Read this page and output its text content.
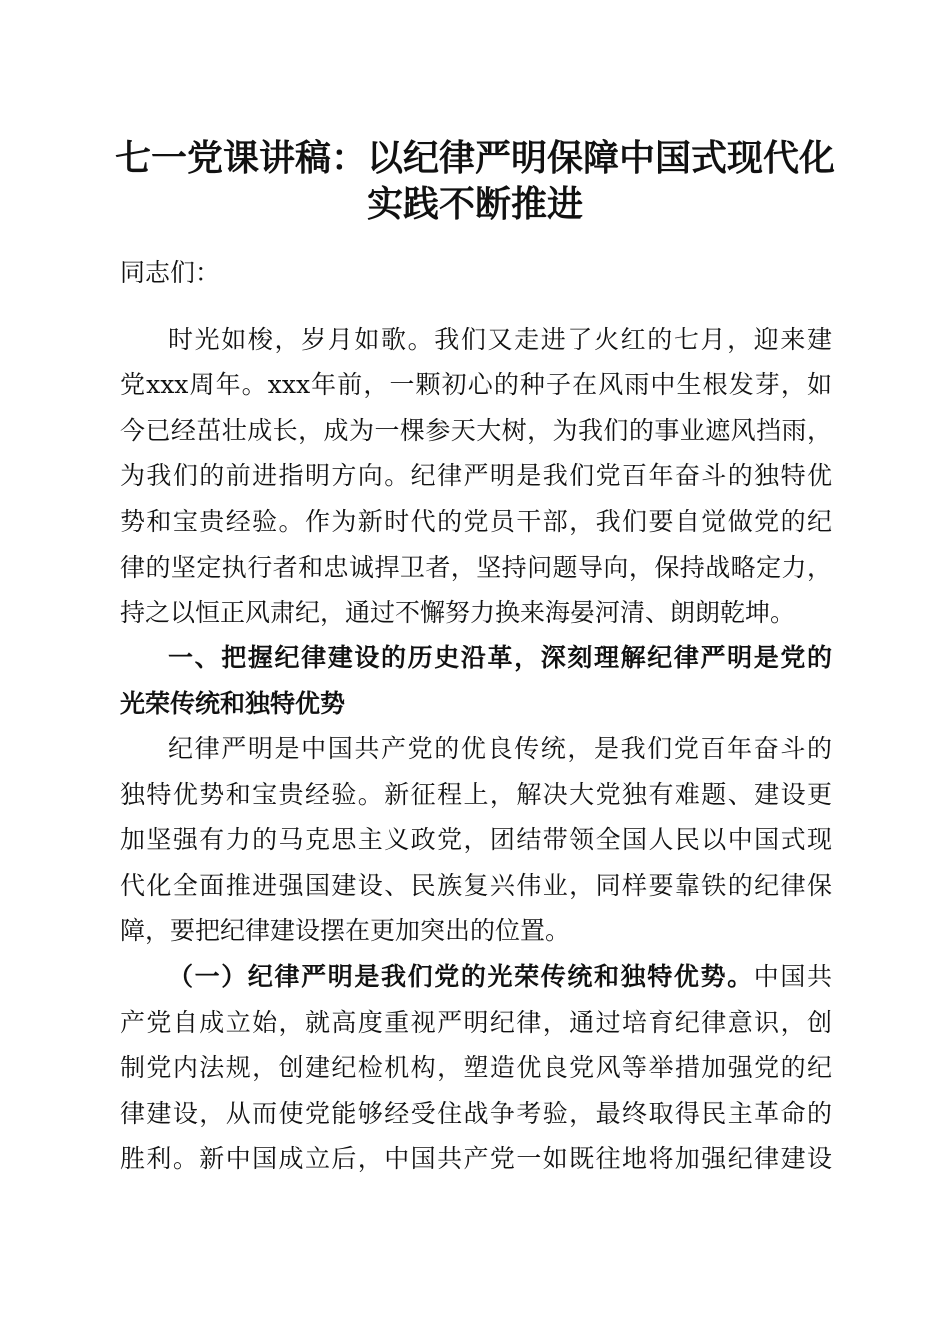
七一党课讲稿：以纪律严明保障中国式现代化
实践不断推进

同志们：

时光如梭，岁月如歌。我们又走进了火红的七月，迎来建

党xxx周年。xxx年前，一颗初心的种子在风雨中生根发芽，如

今已经茁壮成长，成为一棵参天大树，为我们的事业遮风挡雨，

为我们的前进指明方向。纪律严明是我们党百年奋斗的独特优

势和宝贵经验。作为新时代的党员干部，我们要自觉做党的纪

律的坚定执行者和忠诚捍卫者，坚持问题导向，保持战略定力，

持之以恒正风肃纪，通过不懈努力换来海晏河清、朗朗乾坤。

一、把握纪律建设的历史沿革，深刻理解纪律严明是党的

光荣传统和独特优势

纪律严明是中国共产党的优良传统，是我们党百年奋斗的

独特优势和宝贵经验。新征程上，解决大党独有难题、建设更

加坚强有力的马克思主义政党，团结带领全国人民以中国式现

代化全面推进强国建设、民族复兴伟业，同样要靠铁的纪律保

障，要把纪律建设摆在更加突出的位置。

（一）纪律严明是我们党的光荣传统和独特优势。中国共

产党自成立始，就高度重视严明纪律，通过培育纪律意识，创

制党内法规，创建纪检机构，塑造优良党风等举措加强党的纪

律建设，从而使党能够经受住战争考验，最终取得民主革命的

胜利。新中国成立后，中国共产党一如既往地将加强纪律建设
